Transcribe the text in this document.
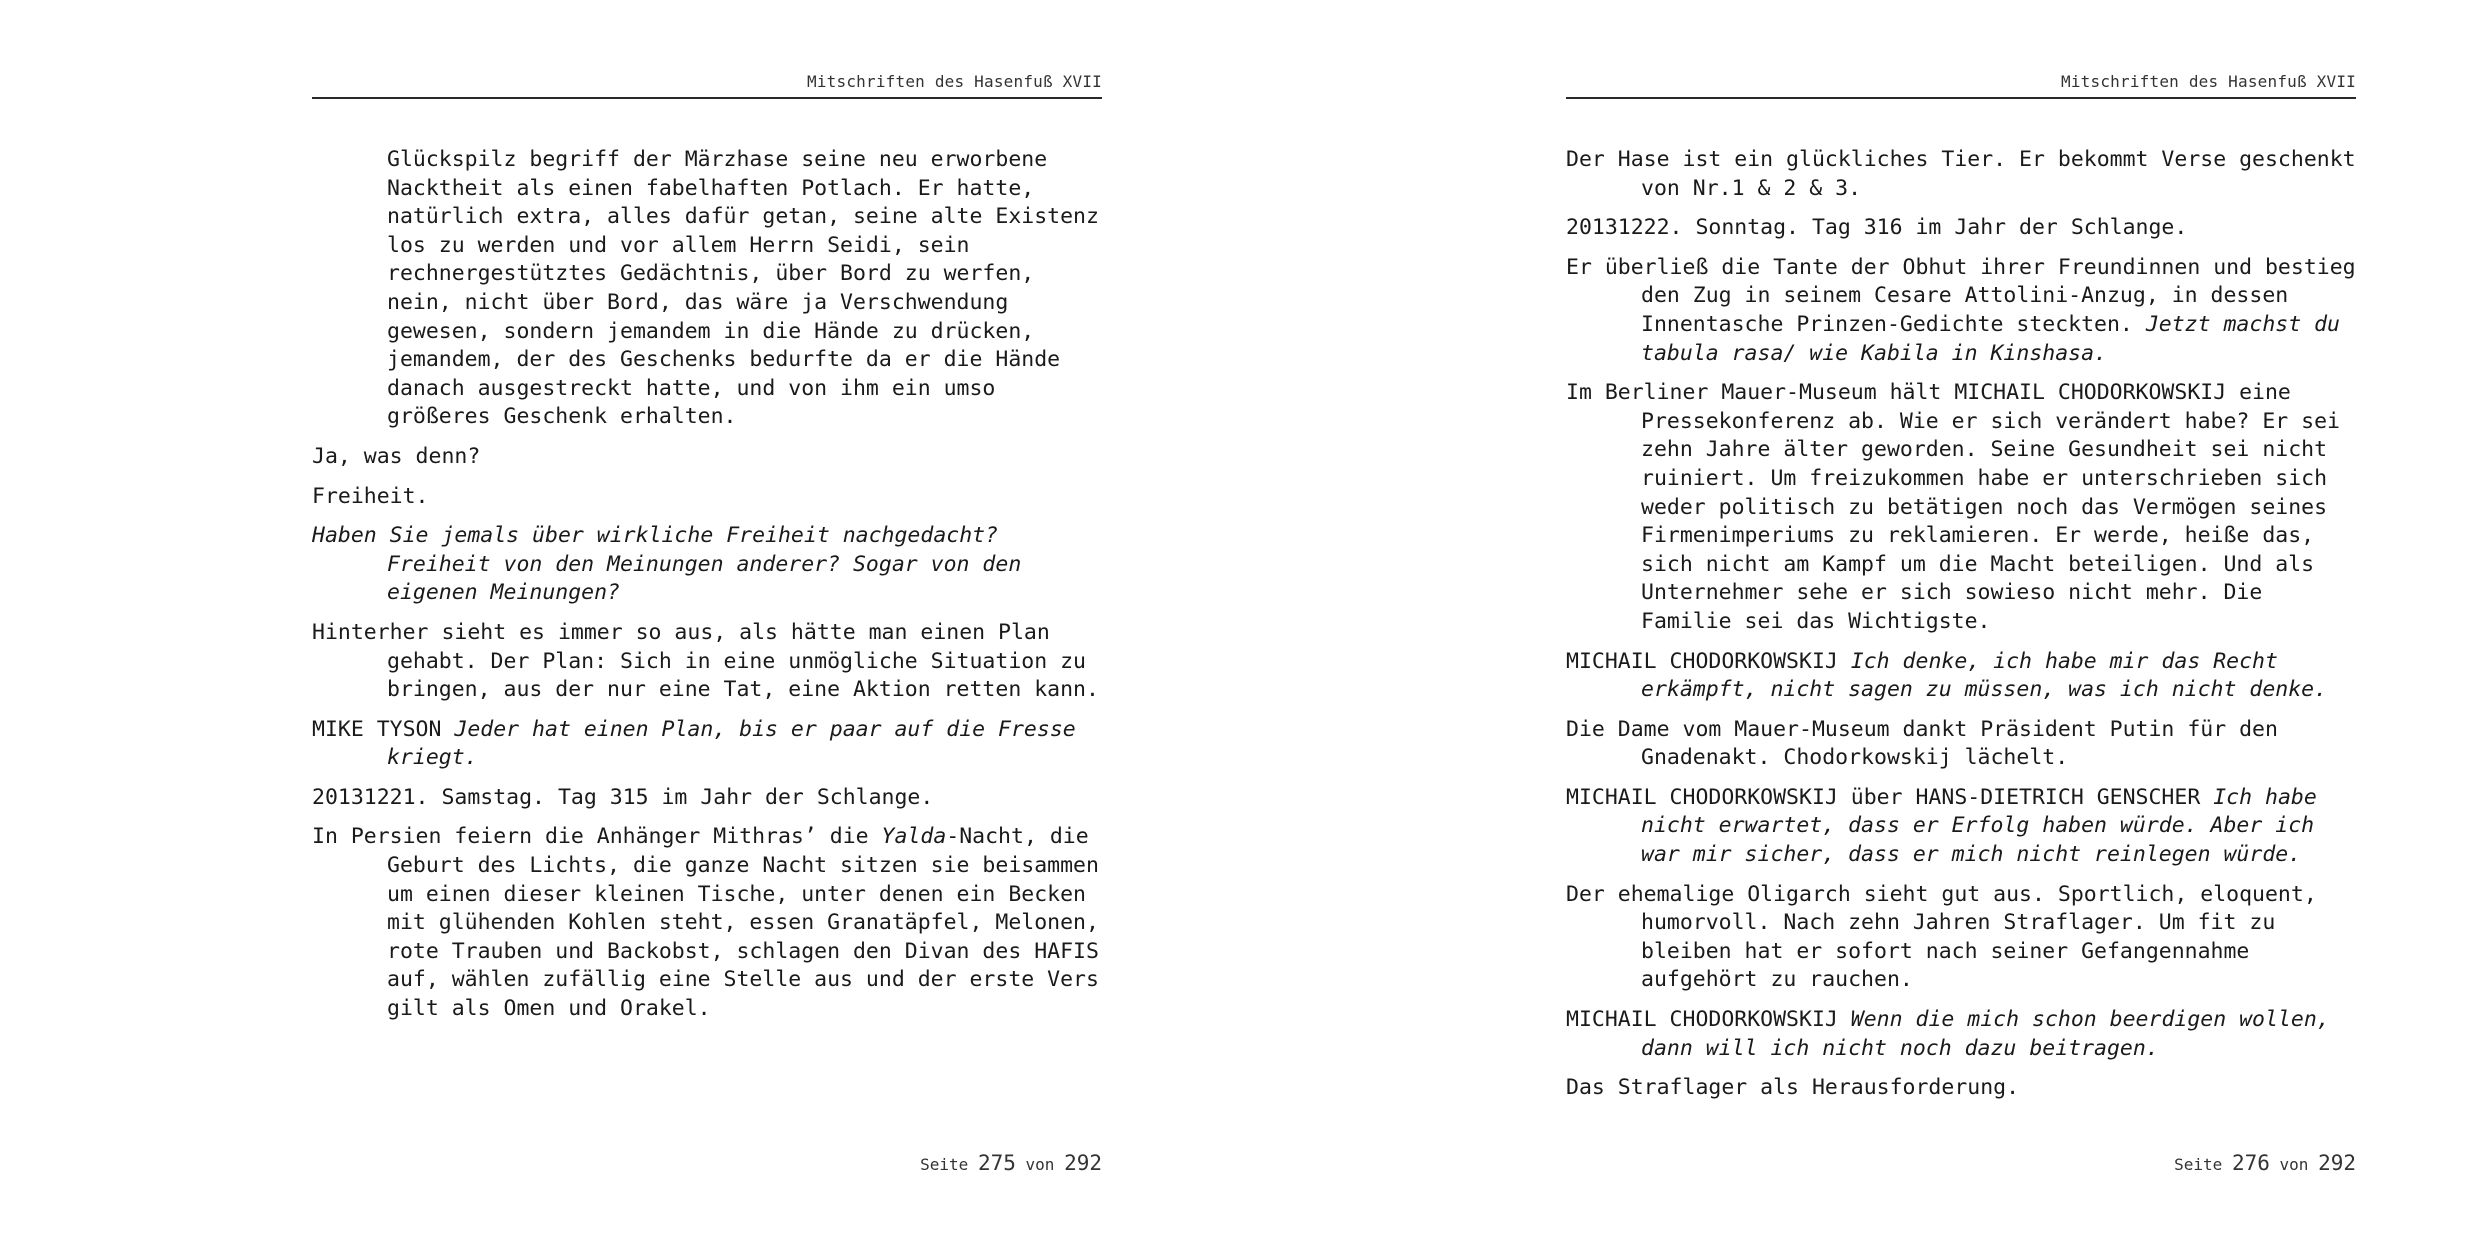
Mitschriften des Hasenfuß XVII

Glückspilz begriff der Märzhase seine neu erworbene Nacktheit als einen fabelhaften Potlach. Er hatte, natürlich extra, alles dafür getan, seine alte Existenz los zu werden und vor allem Herrn Seidi, sein rechnergestütztes Gedächtnis, über Bord zu werfen, nein, nicht über Bord, das wäre ja Verschwendung gewesen, sondern jemandem in die Hände zu drücken, jemandem, der des Geschenks bedurfte da er die Hände danach ausgestreckt hatte, und von ihm ein umso größeres Geschenk erhalten.

Ja, was denn?

Freiheit.

Haben Sie jemals über wirkliche Freiheit nachgedacht? Freiheit von den Meinungen anderer? Sogar von den eigenen Meinungen?

Hinterher sieht es immer so aus, als hätte man einen Plan gehabt. Der Plan: Sich in eine unmögliche Situation zu bringen, aus der nur eine Tat, eine Aktion retten kann.

MIKE TYSON Jeder hat einen Plan, bis er paar auf die Fresse kriegt.

20131221. Samstag. Tag 315 im Jahr der Schlange.

In Persien feiern die Anhänger Mithras’ die Yalda-Nacht, die Geburt des Lichts, die ganze Nacht sitzen sie beisammen um einen dieser kleinen Tische, unter denen ein Becken mit glühenden Kohlen steht, essen Granatäpfel, Melonen, rote Trauben und Backobst, schlagen den Divan des HAFIS auf, wählen zufällig eine Stelle aus und der erste Vers gilt als Omen und Orakel.

Seite 275 von 292
Mitschriften des Hasenfuß XVII

Der Hase ist ein glückliches Tier. Er bekommt Verse geschenkt von Nr.1 & 2 & 3.

20131222. Sonntag. Tag 316 im Jahr der Schlange.

Er überließ die Tante der Obhut ihrer Freundinnen und bestieg den Zug in seinem Cesare Attolini-Anzug, in dessen Innentasche Prinzen-Gedichte steckten. Jetzt machst du tabula rasa/ wie Kabila in Kinshasa.

Im Berliner Mauer-Museum hält MICHAIL CHODORKOWSKIJ eine Pressekonferenz ab. Wie er sich verändert habe? Er sei zehn Jahre älter geworden. Seine Gesundheit sei nicht ruiniert. Um freizukommen habe er unterschrieben sich weder politisch zu betätigen noch das Vermögen seines Firmenimperiums zu reklamieren. Er werde, heiße das, sich nicht am Kampf um die Macht beteiligen. Und als Unternehmer sehe er sich sowieso nicht mehr. Die Familie sei das Wichtigste.

MICHAIL CHODORKOWSKIJ Ich denke, ich habe mir das Recht erkämpft, nicht sagen zu müssen, was ich nicht denke.

Die Dame vom Mauer-Museum dankt Präsident Putin für den Gnadenakt. Chodorkowskij lächelt.

MICHAIL CHODORKOWSKIJ über HANS-DIETRICH GENSCHER Ich habe nicht erwartet, dass er Erfolg haben würde. Aber ich war mir sicher, dass er mich nicht reinlegen würde.

Der ehemalige Oligarch sieht gut aus. Sportlich, eloquent, humorvoll. Nach zehn Jahren Straflager. Um fit zu bleiben hat er sofort nach seiner Gefangennahme aufgehört zu rauchen.

MICHAIL CHODORKOWSKIJ Wenn die mich schon beerdigen wollen, dann will ich nicht noch dazu beitragen.

Das Straflager als Herausforderung.

Seite 276 von 292
